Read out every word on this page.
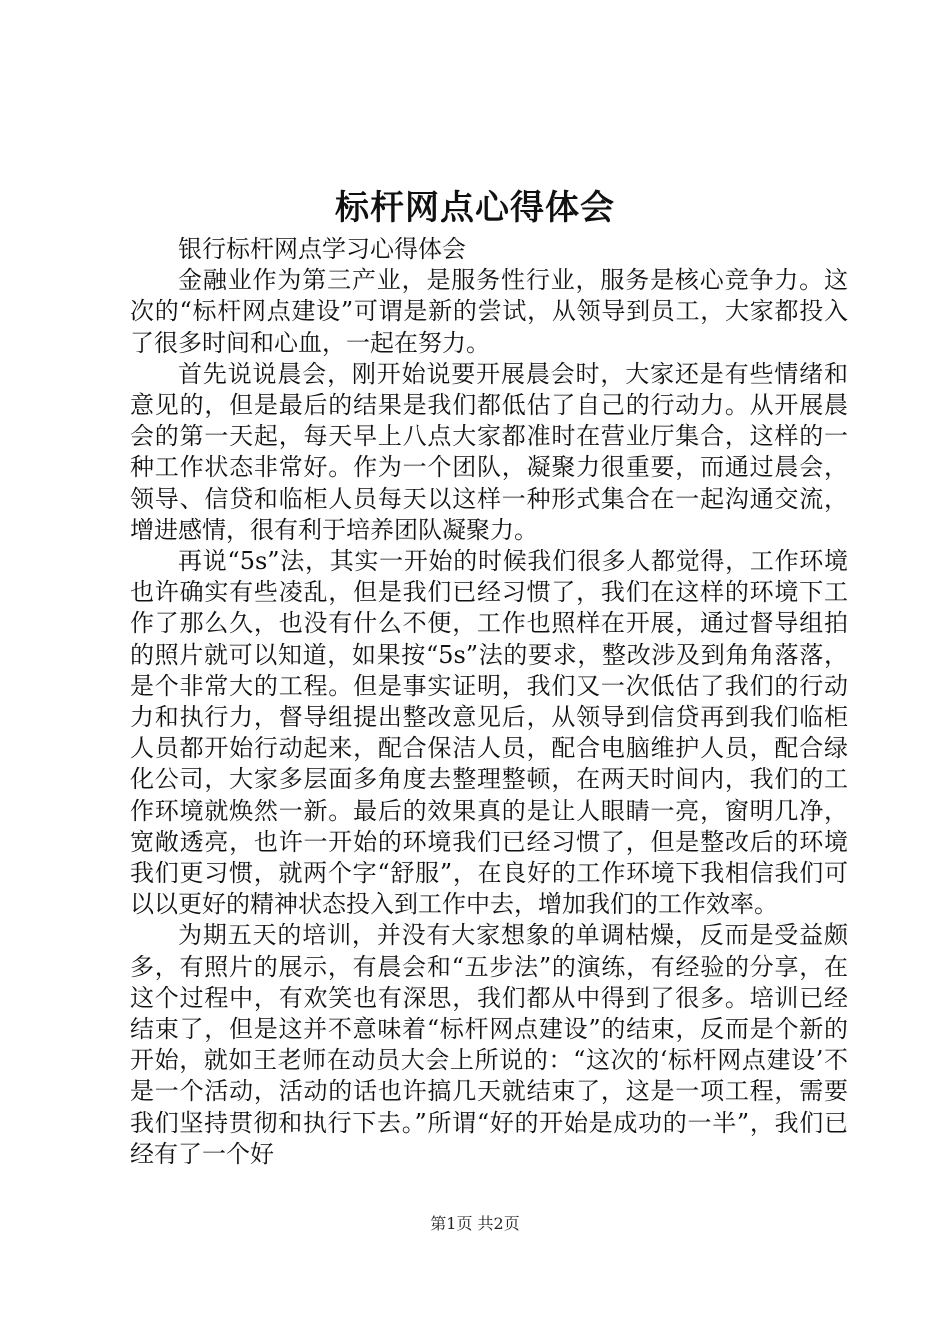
标杆网点心得体会

银行标杆网点学习心得体会

金融业作为第三产业，是服务性行业，服务是核心竞争力。这次的“标杆网点建设”可谓是新的尝试，从领导到员工，大家都投入了很多时间和心血，一起在努力。

首先说说晨会，刚开始说要开展晨会时，大家还是有些情绪和意见的，但是最后的结果是我们都低估了自己的行动力。从开展晨会的第一天起，每天早上八点大家都准时在营业厅集合，这样的一种工作状态非常好。作为一个团队，凝聚力很重要，而通过晨会，领导、信贷和临柜人员每天以这样一种形式集合在一起沟通交流，增进感情，很有利于培养团队凝聚力。

再说“5s”法，其实一开始的时候我们很多人都觉得，工作环境也许确实有些凌乱，但是我们已经习惯了，我们在这样的环境下工作了那么久，也没有什么不便，工作也照样在开展，通过督导组拍的照片就可以知道，如果按“5s”法的要求，整改涉及到角角落落，是个非常大的工程。但是事实证明，我们又一次低估了我们的行动力和执行力，督导组提出整改意见后，从领导到信贷再到我们临柜人员都开始行动起来，配合保洁人员，配合电脑维护人员，配合绿化公司，大家多层面多角度去整理整顿，在两天时间内，我们的工作环境就焕然一新。最后的效果真的是让人眼睛一亮，窗明几净，宽敞透亮，也许一开始的环境我们已经习惯了，但是整改后的环境我们更习惯，就两个字“舒服”，在良好的工作环境下我相信我们可以以更好的精神状态投入到工作中去，增加我们的工作效率。

为期五天的培训，并没有大家想象的单调枯燥，反而是受益颇多，有照片的展示，有晨会和“五步法”的演练，有经验的分享，在这个过程中，有欢笑也有深思，我们都从中得到了很多。培训已经结束了，但是这并不意味着“标杆网点建设”的结束，反而是个新的开始，就如王老师在动员大会上所说的：“这次的‘标杆网点建设’不是一个活动，活动的话也许搞几天就结束了，这是一项工程，需要我们坚持贯彻和执行下去。”所谓“好的开始是成功的一半”，我们已经有了一个好

第1页 共2页
